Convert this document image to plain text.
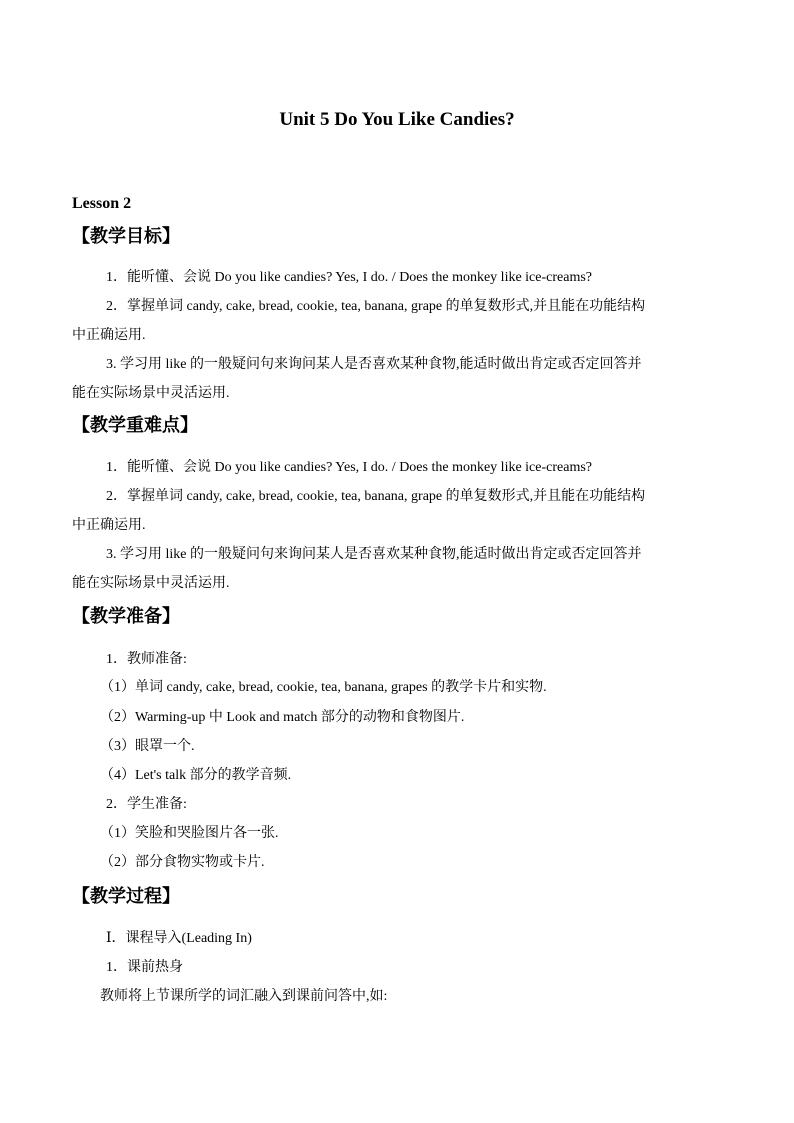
Unit 5 Do You Like Candies?
Lesson 2
【教学目标】
1．能听懂、会说 Do you like candies? Yes, I do. / Does the monkey like ice-creams?
2．掌握单词 candy, cake, bread, cookie, tea, banana, grape 的单复数形式,并且能在功能结构
中正确运用.
3. 学习用 like 的一般疑问句来询问某人是否喜欢某种食物,能适时做出肯定或否定回答并
能在实际场景中灵活运用.
【教学重难点】
1．能听懂、会说 Do you like candies? Yes, I do. / Does the monkey like ice-creams?
2．掌握单词 candy, cake, bread, cookie, tea, banana, grape 的单复数形式,并且能在功能结构
中正确运用.
3. 学习用 like 的一般疑问句来询问某人是否喜欢某种食物,能适时做出肯定或否定回答并
能在实际场景中灵活运用.
【教学准备】
1．教师准备:
（1）单词 candy, cake, bread, cookie, tea, banana, grapes 的教学卡片和实物.
（2）Warming-up 中 Look and match 部分的动物和食物图片.
（3）眼罩一个.
（4）Let's talk 部分的教学音频.
2．学生准备:
（1）笑脸和哭脸图片各一张.
（2）部分食物实物或卡片.
【教学过程】
Ⅰ．课程导入(Leading In)
1．课前热身
教师将上节课所学的词汇融入到课前问答中,如:
